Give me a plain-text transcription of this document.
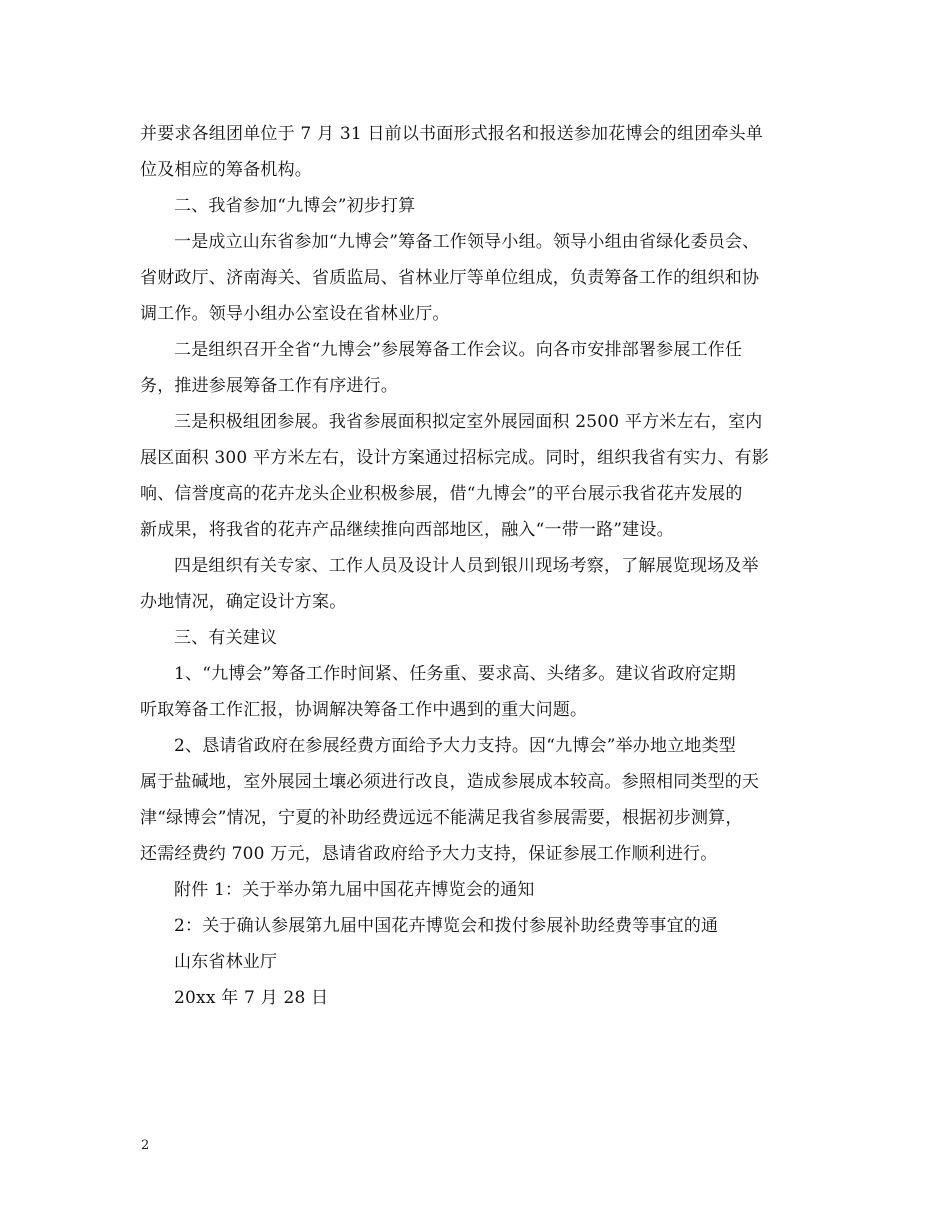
并要求各组团单位于 7 月 31 日前以书面形式报名和报送参加花博会的组团牵头单

位及相应的筹备机构。

二、我省参加“九博会”初步打算

一是成立山东省参加“九博会”筹备工作领导小组。领导小组由省绿化委员会、

省财政厅、济南海关、省质监局、省林业厅等单位组成，负责筹备工作的组织和协

调工作。领导小组办公室设在省林业厅。

二是组织召开全省“九博会”参展筹备工作会议。向各市安排部署参展工作任

务，推进参展筹备工作有序进行。

三是积极组团参展。我省参展面积拟定室外展园面积 2500 平方米左右，室内

展区面积 300 平方米左右，设计方案通过招标完成。同时，组织我省有实力、有影

响、信誉度高的花卉龙头企业积极参展，借“九博会”的平台展示我省花卉发展的

新成果，将我省的花卉产品继续推向西部地区，融入“一带一路”建设。

四是组织有关专家、工作人员及设计人员到银川现场考察，了解展览现场及举

办地情况，确定设计方案。

三、有关建议

1、“九博会”筹备工作时间紧、任务重、要求高、头绪多。建议省政府定期

听取筹备工作汇报，协调解决筹备工作中遇到的重大问题。

2、恳请省政府在参展经费方面给予大力支持。因“九博会”举办地立地类型

属于盐碱地，室外展园土壤必须进行改良，造成参展成本较高。参照相同类型的天

津“绿博会”情况，宁夏的补助经费远远不能满足我省参展需要，根据初步测算，

还需经费约 700 万元，恳请省政府给予大力支持，保证参展工作顺利进行。

附件 1：关于举办第九届中国花卉博览会的通知

2：关于确认参展第九届中国花卉博览会和拨付参展补助经费等事宜的通

山东省林业厅

20xx 年 7 月 28 日

2
